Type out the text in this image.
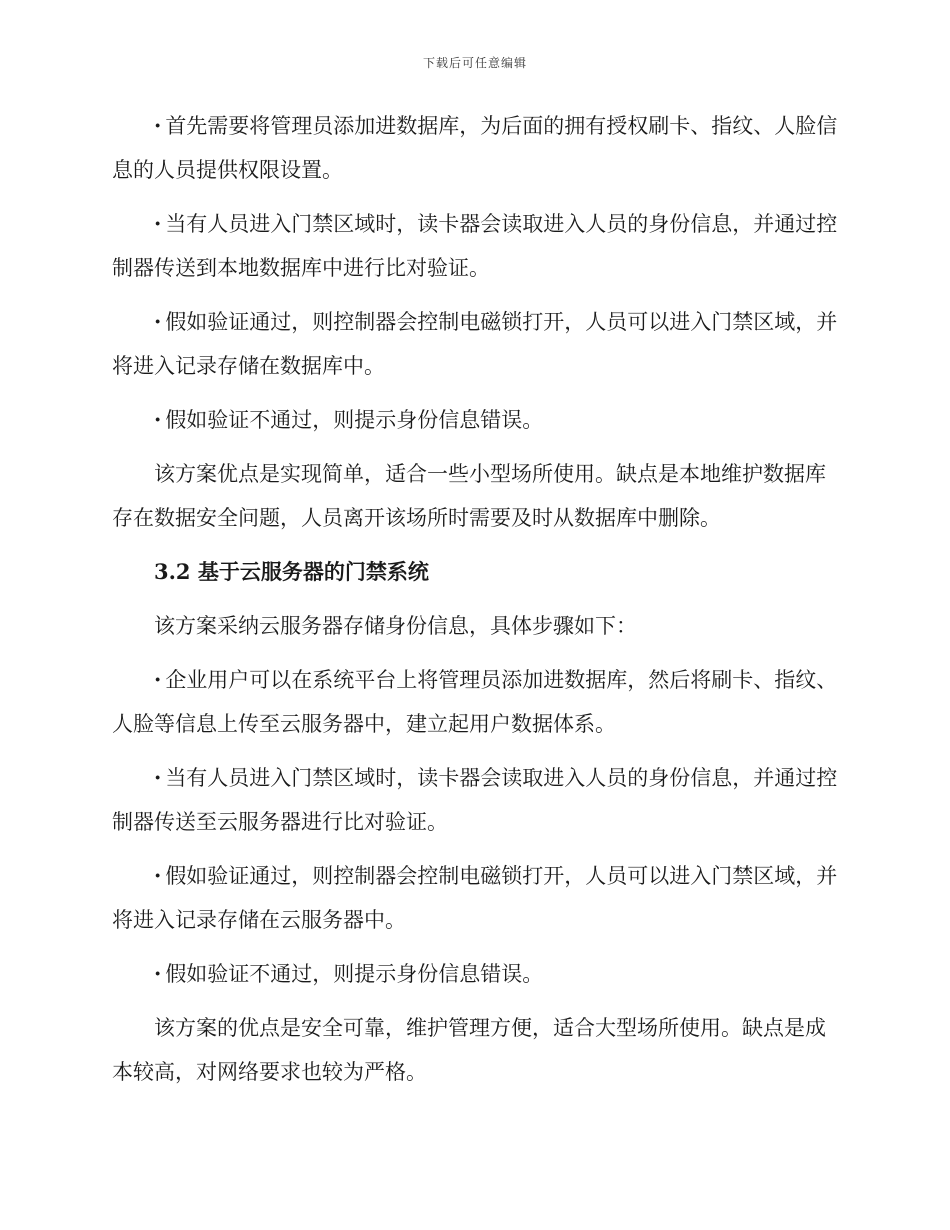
下载后可任意编辑

· 首先需要将管理员添加进数据库，为后面的拥有授权刷卡、指纹、人脸信息的人员提供权限设置。

· 当有人员进入门禁区域时，读卡器会读取进入人员的身份信息，并通过控制器传送到本地数据库中进行比对验证。

· 假如验证通过，则控制器会控制电磁锁打开，人员可以进入门禁区域，并将进入记录存储在数据库中。

· 假如验证不通过，则提示身份信息错误。

该方案优点是实现简单，适合一些小型场所使用。缺点是本地维护数据库存在数据安全问题，人员离开该场所时需要及时从数据库中删除。

3.2 基于云服务器的门禁系统

该方案采纳云服务器存储身份信息，具体步骤如下：

· 企业用户可以在系统平台上将管理员添加进数据库，然后将刷卡、指纹、人脸等信息上传至云服务器中，建立起用户数据体系。

· 当有人员进入门禁区域时，读卡器会读取进入人员的身份信息，并通过控制器传送至云服务器进行比对验证。

· 假如验证通过，则控制器会控制电磁锁打开，人员可以进入门禁区域，并将进入记录存储在云服务器中。

· 假如验证不通过，则提示身份信息错误。

该方案的优点是安全可靠，维护管理方便，适合大型场所使用。缺点是成本较高，对网络要求也较为严格。
